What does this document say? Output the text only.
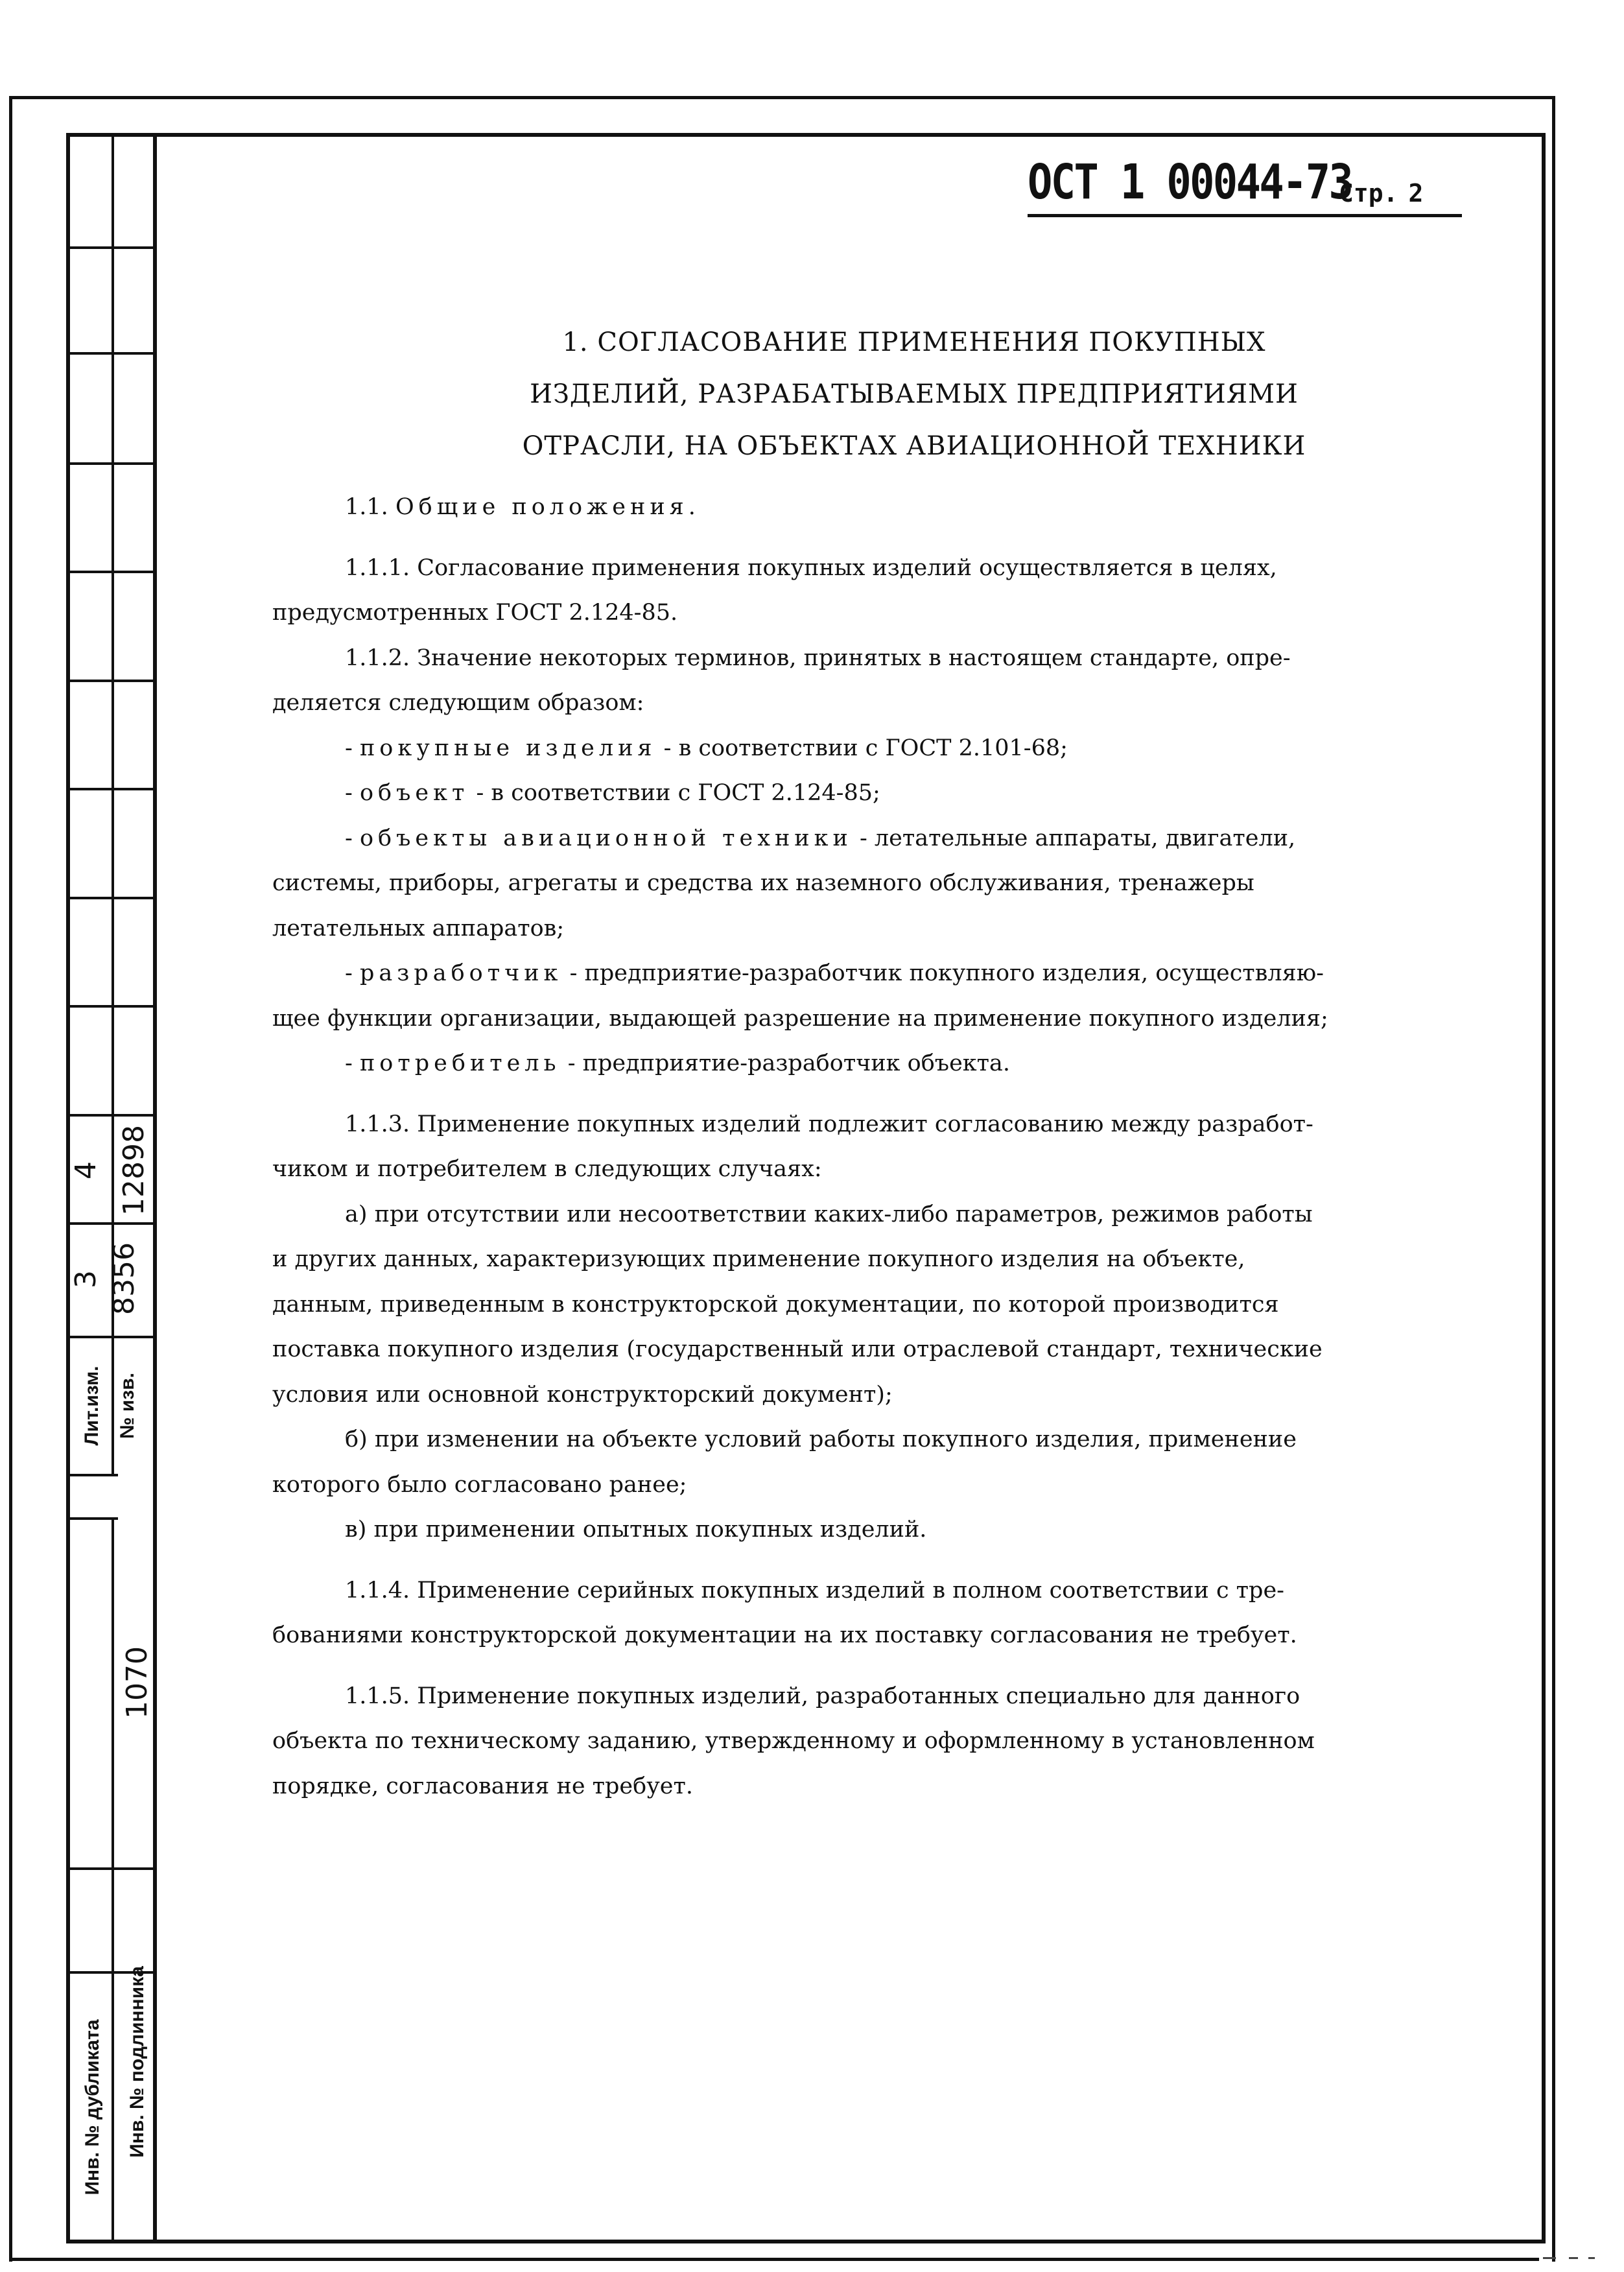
4 12898
3 8356
Лит.изм. № изв.
1070
Инв. № дубликата Инв. № подлинника
ОСТ 1 00044-73
Стр. 2
1. СОГЛАСОВАНИЕ ПРИМЕНЕНИЯ ПОКУПНЫХ
ИЗДЕЛИЙ, РАЗРАБАТЫВАЕМЫХ ПРЕДПРИЯТИЯМИ
ОТРАСЛИ, НА ОБЪЕКТАХ АВИАЦИОННОЙ ТЕХНИКИ
1.1. Общие положения.
1.1.1. Согласование применения покупных изделий осуществляется в целях,
предусмотренных ГОСТ 2.124-85.
1.1.2. Значение некоторых терминов, принятых в настоящем стандарте, опре-
деляется следующим образом:
- покупные изделия - в соответствии с ГОСТ 2.101-68;
- объект - в соответствии с ГОСТ 2.124-85;
- объекты авиационной техники - летательные аппараты, двигатели,
системы, приборы, агрегаты и средства их наземного обслуживания, тренажеры
летательных аппаратов;
- разработчик - предприятие-разработчик покупного изделия, осуществляю-
щее функции организации, выдающей разрешение на применение покупного изделия;
- потребитель - предприятие-разработчик объекта.
1.1.3. Применение покупных изделий подлежит согласованию между разработ-
чиком и потребителем в следующих случаях:
а) при отсутствии или несоответствии каких-либо параметров, режимов работы
и других данных, характеризующих применение покупного изделия на объекте,
данным, приведенным в конструкторской документации, по которой производится
поставка покупного изделия (государственный или отраслевой стандарт, технические
условия или основной конструкторский документ);
б) при изменении на объекте условий работы покупного изделия, применение
которого было согласовано ранее;
в) при применении опытных покупных изделий.
1.1.4. Применение серийных покупных изделий в полном соответствии с тре-
бованиями конструкторской документации на их поставку согласования не требует.
1.1.5. Применение покупных изделий, разработанных специально для данного
объекта по техническому заданию, утвержденному и оформленному в установленном
порядке, согласования не требует.
